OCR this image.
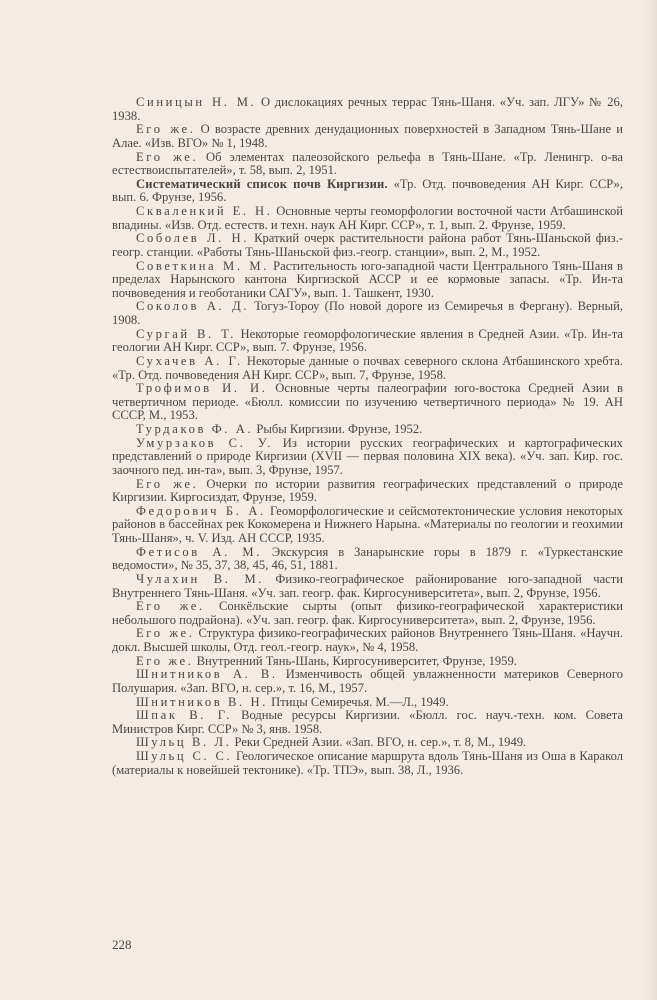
Синицын Н. М. О дислокациях речных террас Тянь-Шаня. «Уч. зап. ЛГУ» № 26, 1938.

Его же. О возрасте древних денудационных поверхностей в Западном Тянь-Шане и Алае. «Изв. ВГО» № 1, 1948.

Его же. Об элементах палеозойского рельефа в Тянь-Шане. «Тр. Ленингр. о-ва естествоиспытателей», т. 58, вып. 2, 1951.

Систематический список почв Киргизии. «Тр. Отд. почвоведения АН Кирг. ССР», вып. 6. Фрунзе, 1956.

Скваленкий Е. Н. Основные черты геоморфологии восточной части Атбашинской впадины. «Изв. Отд. естеств. и техн. наук АН Кирг. ССР», т. 1, вып. 2. Фрунзе, 1959.

Соболев Л. Н. Краткий очерк растительности района работ Тянь-Шаньской физ.-геогр. станции. «Работы Тянь-Шаньской физ.-геогр. станции», вып. 2, М., 1952.

Советкина М. М. Растительность юго-западной части Центрального Тянь-Шаня в пределах Нарынского кантона Киргизской АССР и ее кормовые запасы. «Тр. Ин-та почвоведения и геоботаники САГУ», вып. 1. Ташкент, 1930.

Соколов А. Д. Тогуз-Тороу (По новой дороге из Семиречья в Фергану). Верный, 1908.

Сургай В. Т. Некоторые геоморфологические явления в Средней Азии. «Тр. Ин-та геологии АН Кирг. ССР», вып. 7. Фрунзе, 1956.

Сухачев А. Г. Некоторые данные о почвах северного склона Атбашинского хребта. «Тр. Отд. почвоведения АН Кирг. ССР», вып. 7, Фрунзе, 1958.

Трофимов И. И. Основные черты палеографии юго-востока Средней Азии в четвертичном периоде. «Бюлл. комиссии по изучению четвертичного периода» № 19. АН СССР, М., 1953.

Турдаков Ф. А. Рыбы Киргизии. Фрунзе, 1952.

Умурзаков С. У. Из истории русских географических и картографических представлений о природе Киргизии (XVII — первая половина XIX века). «Уч. зап. Кир. гос. заочного пед. ин-та», вып. 3, Фрунзе, 1957.

Его же. Очерки по истории развития географических представлений о природе Киргизии. Киргосиздат, Фрунзе, 1959.

Федорович Б. А. Геоморфологические и сейсмотектонические условия некоторых районов в бассейнах рек Кокомерена и Нижнего Нарына. «Материалы по геологии и геохимии Тянь-Шаня», ч. V. Изд. АН СССР, 1935.

Фетисов А. М. Экскурсия в Занарынские горы в 1879 г. «Туркестанские ведомости», № 35, 37, 38, 45, 46, 51, 1881.

Чулахин В. М. Физико-географическое районирование юго-западной части Внутреннего Тянь-Шаня. «Уч. зап. геогр. фак. Киргосуниверситета», вып. 2, Фрунзе, 1956.

Его же. Сонкёльские сырты (опыт физико-географической характеристики небольшого подрайона). «Уч. зап. геогр. фак. Киргосуниверситета», вып. 2, Фрунзе, 1956.

Его же. Структура физико-географических районов Внутреннего Тянь-Шаня. «Научн. докл. Высшей школы, Отд. геол.-геогр. наук», № 4, 1958.

Его же. Внутренний Тянь-Шань, Киргосуниверситет, Фрунзе, 1959.

Шнитников А. В. Изменчивость общей увлажненности материков Северного Полушария. «Зап. ВГО, н. сер.», т. 16, М., 1957.

Шнитников В. Н. Птицы Семиречья. М.—Л., 1949.

Шпак В. Г. Водные ресурсы Киргизии. «Бюлл. гос. науч.-техн. ком. Совета Министров Кирг. ССР» № 3, янв. 1958.

Шульц В. Л. Реки Средней Азии. «Зап. ВГО, н. сер.», т. 8, М., 1949.

Шульц С. С. Геологическое описание маршрута вдоль Тянь-Шаня из Оша в Каракол (материалы к новейшей тектонике). «Тр. ТПЭ», вып. 38, Л., 1936.

228
